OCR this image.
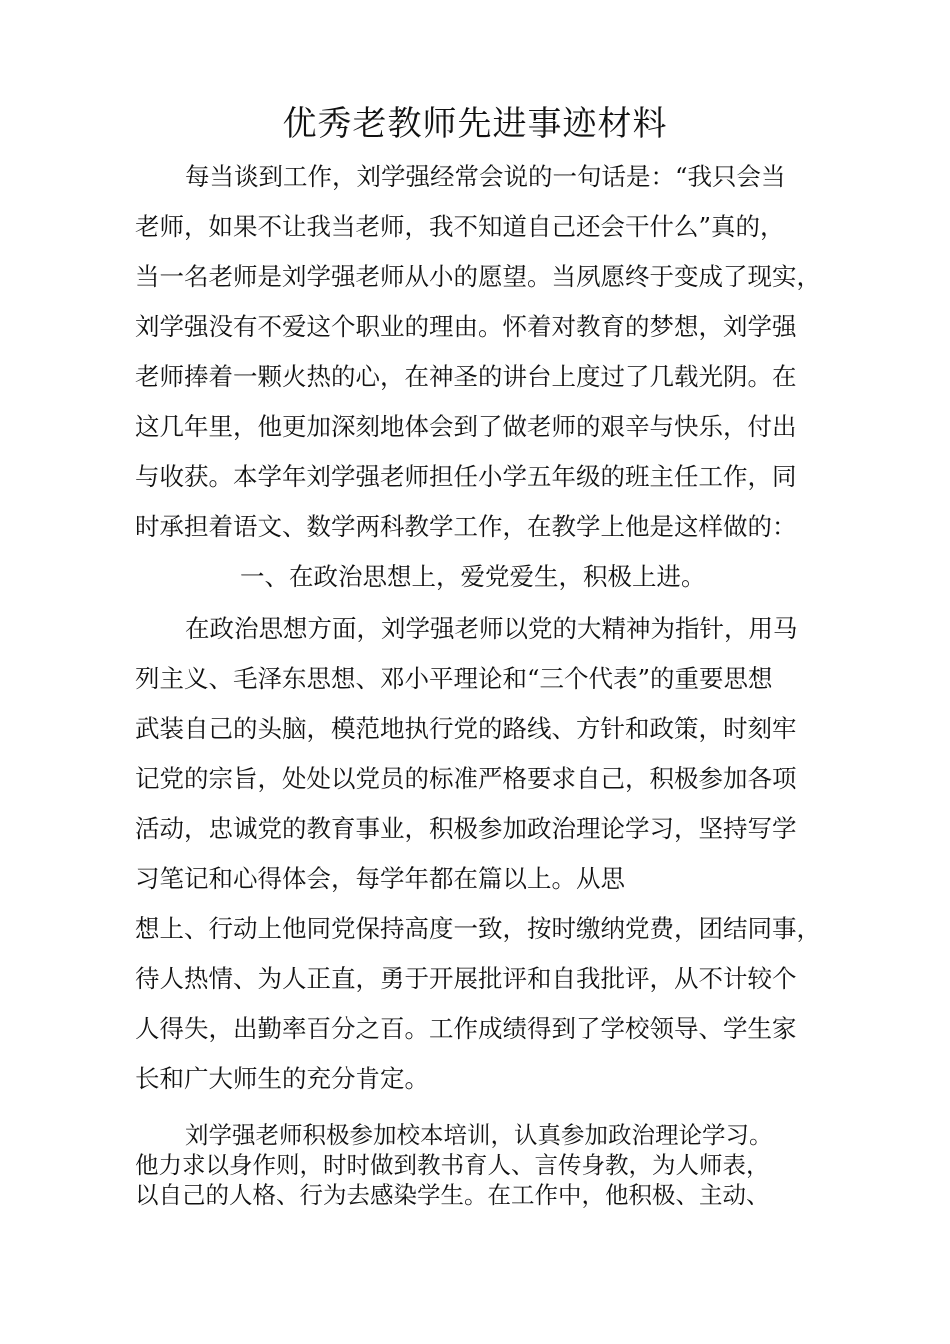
优秀老教师先进事迹材料
每当谈到工作，刘学强经常会说的一句话是：“我只会当
老师，如果不让我当老师，我不知道自己还会干什么”真的，
当一名老师是刘学强老师从小的愿望。当夙愿终于变成了现实，
刘学强没有不爱这个职业的理由。怀着对教育的梦想，刘学强
老师捧着一颗火热的心，在神圣的讲台上度过了几载光阴。在
这几年里，他更加深刻地体会到了做老师的艰辛与快乐，付出
与收获。本学年刘学强老师担任小学五年级的班主任工作，同
时承担着语文、数学两科教学工作，在教学上他是这样做的：
一、在政治思想上，爱党爱生，积极上进。
在政治思想方面，刘学强老师以党的大精神为指针，用马
列主义、毛泽东思想、邓小平理论和“三个代表”的重要思想
武装自己的头脑，模范地执行党的路线、方针和政策，时刻牢
记党的宗旨，处处以党员的标准严格要求自己，积极参加各项
活动，忠诚党的教育事业，积极参加政治理论学习，坚持写学
习笔记和心得体会，每学年都在篇以上。从思
想上、行动上他同党保持高度一致，按时缴纳党费，团结同事，
待人热情、为人正直，勇于开展批评和自我批评，从不计较个
人得失，出勤率百分之百。工作成绩得到了学校领导、学生家
长和广大师生的充分肯定。
刘学强老师积极参加校本培训，认真参加政治理论学习。
他力求以身作则，时时做到教书育人、言传身教，为人师表，
以自己的人格、行为去感染学生。在工作中，他积极、主动、
